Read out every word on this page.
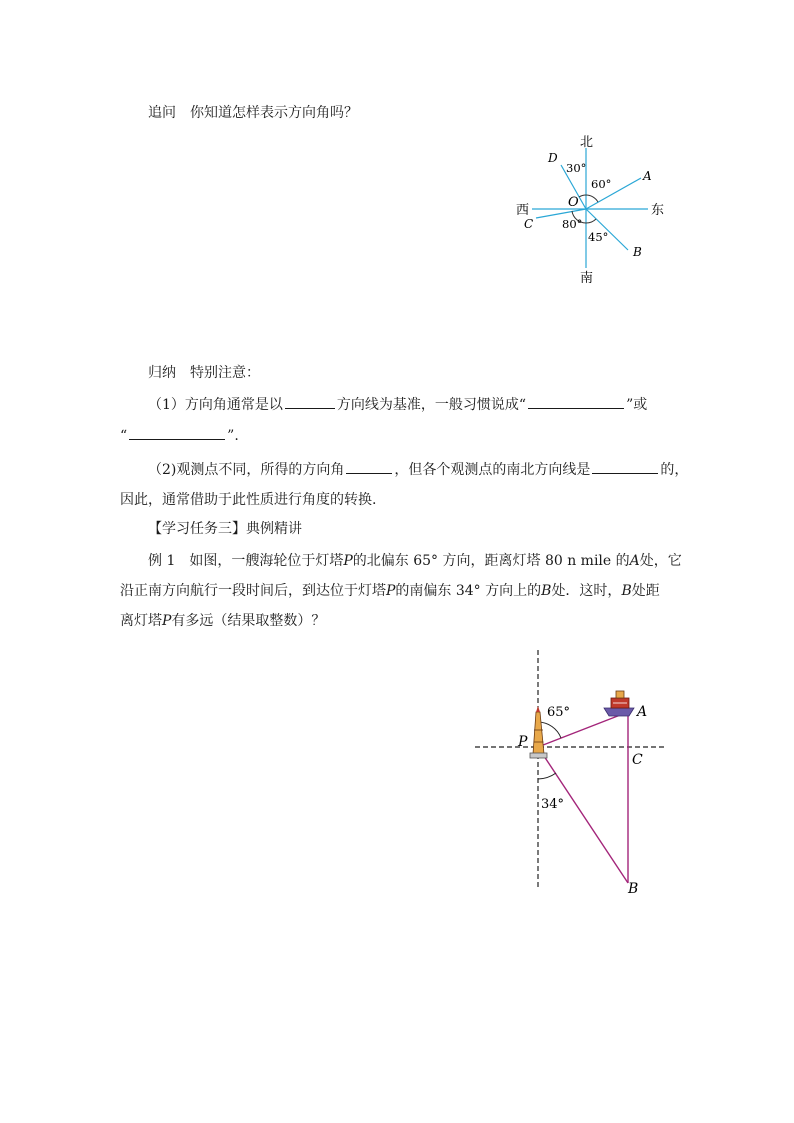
追问 你知道怎样表示方向角吗？
北
南
东
西
O
A
B
C
D
30°
60°
45°
80°
归纳 特别注意：
（1）方向角通常是以	方向线为基准，一般习惯说成“	”或
“	”.
（2)观测点不同，所得的方向角	，但各个观测点的南北方向线是	的，
因此，通常借助于此性质进行角度的转换.
【学习任务三】典例精讲
例 1 如图，一艘海轮位于灯塔P的北偏东 65° 方向，距离灯塔 80 n mile 的A处，它
沿正南方向航行一段时间后，到达位于灯塔P的南偏东 34° 方向上的B处．这时，B处距
离灯塔P有多远（结果取整数）？
P
A
C
B
65°
34°
